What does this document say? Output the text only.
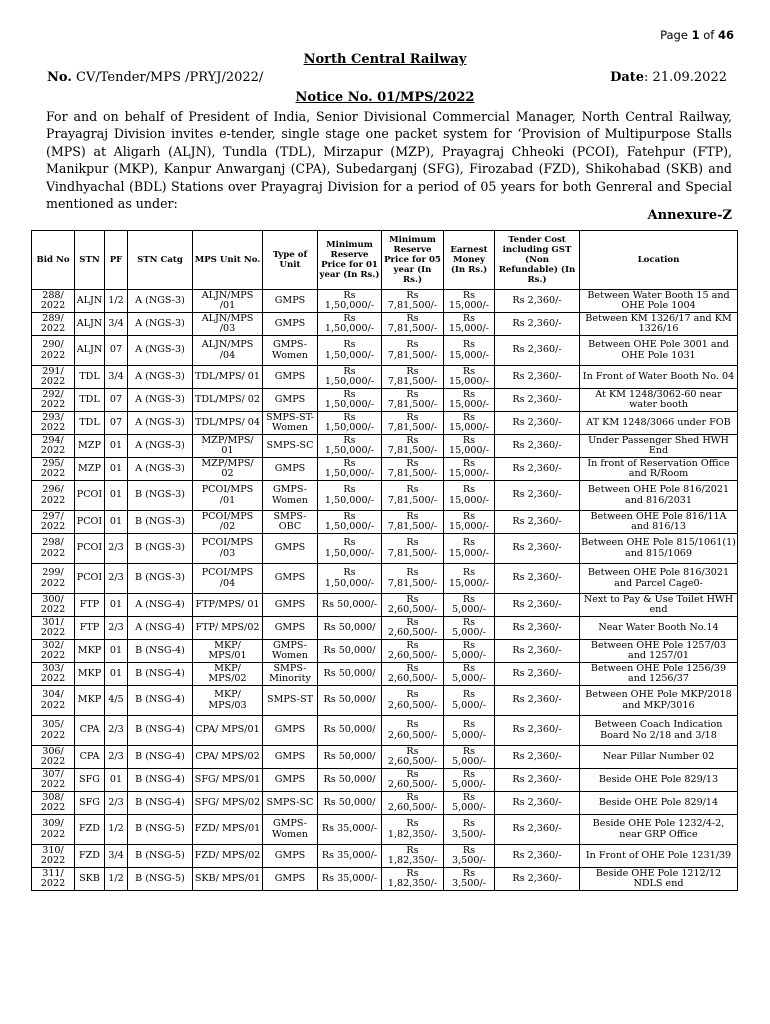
Page 1 of 46
North Central Railway
No. CV/Tender/MPS /PRYJ/2022/	Date: 21.09.2022
Notice No. 01/MPS/2022
For and on behalf of President of India, Senior Divisional Commercial Manager, North Central Railway, Prayagraj Division invites e-tender, single stage one packet system for ‘Provision of Multipurpose Stalls (MPS) at Aligarh (ALJN), Tundla (TDL), Mirzapur (MZP), Prayagraj Chheoki (PCOI), Fatehpur (FTP), Manikpur (MKP), Kanpur Anwarganj (CPA), Subedarganj (SFG), Firozabad (FZD), Shikohabad (SKB) and Vindhyachal (BDL) Stations over Prayagraj Division for a period of 05 years for both Genreral and Special mentioned as under:
Annexure-Z
Bid No	STN	PF	STN Catg	MPS Unit No.	Type of Unit	Minimum Reserve Price for 01 year (In Rs.)	Minimum Reserve Price for 05 year (In Rs.)	Earnest Money (In Rs.)	Tender Cost including GST (Non Refundable) (In Rs.)	Location
288/ 2022	ALJN	1/2	A (NGS-3)	ALJN/MPS /01	GMPS	Rs 1,50,000/-	Rs 7,81,500/-	Rs 15,000/-	Rs 2,360/-	Between Water Booth 15 and OHE Pole 1004
289/ 2022	ALJN	3/4	A (NGS-3)	ALJN/MPS /03	GMPS	Rs 1,50,000/-	Rs 7,81,500/-	Rs 15,000/-	Rs 2,360/-	Between KM 1326/17 and KM 1326/16
290/ 2022	ALJN	07	A (NGS-3)	ALJN/MPS /04	GMPS- Women	Rs 1,50,000/-	Rs 7,81,500/-	Rs 15,000/-	Rs 2,360/-	Between OHE Pole 3001 and OHE Pole 1031
291/ 2022	TDL	3/4	A (NGS-3)	TDL/MPS/ 01	GMPS	Rs 1,50,000/-	Rs 7,81,500/-	Rs 15,000/-	Rs 2,360/-	In Front of Water Booth No. 04
292/ 2022	TDL	07	A (NGS-3)	TDL/MPS/ 02	GMPS	Rs 1,50,000/-	Rs 7,81,500/-	Rs 15,000/-	Rs 2,360/-	At KM 1248/3062-60 near water booth
293/ 2022	TDL	07	A (NGS-3)	TDL/MPS/ 04	SMPS-ST- Women	Rs 1,50,000/-	Rs 7,81,500/-	Rs 15,000/-	Rs 2,360/-	AT KM 1248/3066 under FOB
294/ 2022	MZP	01	A (NGS-3)	MZP/MPS/ 01	SMPS-SC	Rs 1,50,000/-	Rs 7,81,500/-	Rs 15,000/-	Rs 2,360/-	Under Passenger Shed HWH End
295/ 2022	MZP	01	A (NGS-3)	MZP/MPS/ 02	GMPS	Rs 1,50,000/-	Rs 7,81,500/-	Rs 15,000/-	Rs 2,360/-	In front of Reservation Office and R/Room
296/ 2022	PCOI	01	B (NGS-3)	PCOI/MPS /01	GMPS- Women	Rs 1,50,000/-	Rs 7,81,500/-	Rs 15,000/-	Rs 2,360/-	Between OHE Pole 816/2021 and 816/2031
297/ 2022	PCOI	01	B (NGS-3)	PCOI/MPS /02	SMPS-OBC	Rs 1,50,000/-	Rs 7,81,500/-	Rs 15,000/-	Rs 2,360/-	Between OHE Pole 816/11A and 816/13
298/ 2022	PCOI	2/3	B (NGS-3)	PCOI/MPS /03	GMPS	Rs 1,50,000/-	Rs 7,81,500/-	Rs 15,000/-	Rs 2,360/-	Between OHE Pole 815/1061(1) and 815/1069
299/ 2022	PCOI	2/3	B (NGS-3)	PCOI/MPS /04	GMPS	Rs 1,50,000/-	Rs 7,81,500/-	Rs 15,000/-	Rs 2,360/-	Between OHE Pole 816/3021 and Parcel Cage0-
300/ 2022	FTP	01	A (NSG-4)	FTP/MPS/ 01	GMPS	Rs 50,000/-	Rs 2,60,500/-	Rs 5,000/-	Rs 2,360/-	Next to Pay & Use Toilet HWH end
301/ 2022	FTP	2/3	A (NSG-4)	FTP/ MPS/02	GMPS	Rs 50,000/	Rs 2,60,500/-	Rs 5,000/-	Rs 2,360/-	Near Water Booth No.14
302/ 2022	MKP	01	B (NSG-4)	MKP/ MPS/01	GMPS- Women	Rs 50,000/	Rs 2,60,500/-	Rs 5,000/-	Rs 2,360/-	Between OHE Pole 1257/03 and 1257/01
303/ 2022	MKP	01	B (NSG-4)	MKP/ MPS/02	SMPS- Minority	Rs 50,000/	Rs 2,60,500/-	Rs 5,000/-	Rs 2,360/-	Between OHE Pole 1256/39 and 1256/37
304/ 2022	MKP	4/5	B (NSG-4)	MKP/ MPS/03	SMPS-ST	Rs 50,000/	Rs 2,60,500/-	Rs 5,000/-	Rs 2,360/-	Between OHE Pole MKP/2018 and MKP/3016
305/ 2022	CPA	2/3	B (NSG-4)	CPA/ MPS/01	GMPS	Rs 50,000/	Rs 2,60,500/-	Rs 5,000/-	Rs 2,360/-	Between Coach Indication Board No 2/18 and 3/18
306/ 2022	CPA	2/3	B (NSG-4)	CPA/ MPS/02	GMPS	Rs 50,000/	Rs 2,60,500/-	Rs 5,000/-	Rs 2,360/-	Near Pillar Number 02
307/ 2022	SFG	01	B (NSG-4)	SFG/ MPS/01	GMPS	Rs 50,000/	Rs 2,60,500/-	Rs 5,000/-	Rs 2,360/-	Beside OHE Pole 829/13
308/ 2022	SFG	2/3	B (NSG-4)	SFG/ MPS/02	SMPS-SC	Rs 50,000/	Rs 2,60,500/-	Rs 5,000/-	Rs 2,360/-	Beside OHE Pole 829/14
309/ 2022	FZD	1/2	B (NSG-5)	FZD/ MPS/01	GMPS- Women	Rs 35,000/-	Rs 1,82,350/-	Rs 3,500/-	Rs 2,360/-	Beside OHE Pole 1232/4-2, near GRP Office
310/ 2022	FZD	3/4	B (NSG-5)	FZD/ MPS/02	GMPS	Rs 35,000/-	Rs 1,82,350/-	Rs 3,500/-	Rs 2,360/-	In Front of OHE Pole 1231/39
311/ 2022	SKB	1/2	B (NSG-5)	SKB/ MPS/01	GMPS	Rs 35,000/-	Rs 1,82,350/-	Rs 3,500/-	Rs 2,360/-	Beside OHE Pole 1212/12 NDLS end
